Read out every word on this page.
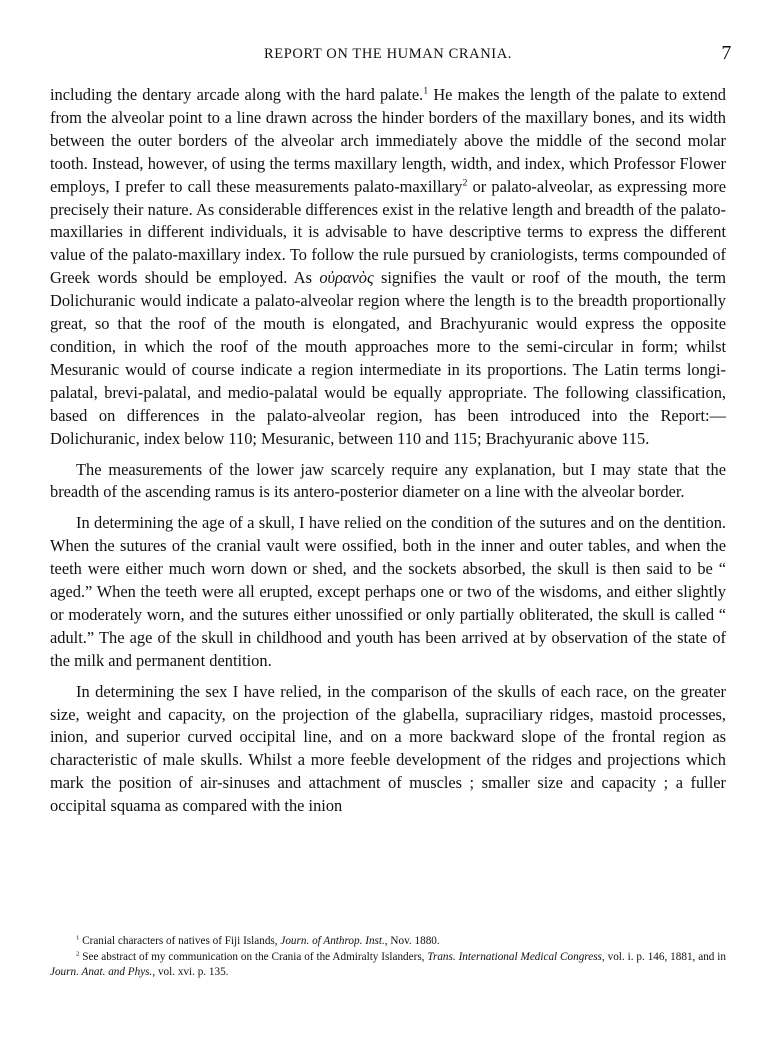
REPORT ON THE HUMAN CRANIA.	7

including the dentary arcade along with the hard palate.$^1$ He makes the length of the palate to extend from the alveolar point to a line drawn across the hinder borders of the maxillary bones, and its width between the outer borders of the alveolar arch immediately above the middle of the second molar tooth. Instead, however, of using the terms maxillary length, width, and index, which Professor Flower employs, I prefer to call these measurements palato-maxillary$^2$ or palato-alveolar, as expressing more precisely their nature. As considerable differences exist in the relative length and breadth of the palato-maxillaries in different individuals, it is advisable to have descriptive terms to express the different value of the palato-maxillary index. To follow the rule pursued by craniologists, terms compounded of Greek words should be employed. As οὐρανὸς signifies the vault or roof of the mouth, the term Dolichuranic would indicate a palato-alveolar region where the length is to the breadth proportionally great, so that the roof of the mouth is elongated, and Brachyuranic would express the opposite condition, in which the roof of the mouth approaches more to the semi-circular in form; whilst Mesuranic would of course indicate a region intermediate in its proportions. The Latin terms longi-palatal, brevi-palatal, and medio-palatal would be equally appropriate. The following classification, based on differences in the palato-alveolar region, has been introduced into the Report:—Dolichuranic, index below 110; Mesuranic, between 110 and 115; Brachyuranic above 115.

The measurements of the lower jaw scarcely require any explanation, but I may state that the breadth of the ascending ramus is its antero-posterior diameter on a line with the alveolar border.

In determining the age of a skull, I have relied on the condition of the sutures and on the dentition. When the sutures of the cranial vault were ossified, both in the inner and outer tables, and when the teeth were either much worn down or shed, and the sockets absorbed, the skull is then said to be “ aged.” When the teeth were all erupted, except perhaps one or two of the wisdoms, and either slightly or moderately worn, and the sutures either unossified or only partially obliterated, the skull is called “ adult.” The age of the skull in childhood and youth has been arrived at by observation of the state of the milk and permanent dentition.

In determining the sex I have relied, in the comparison of the skulls of each race, on the greater size, weight and capacity, on the projection of the glabella, supraciliary ridges, mastoid processes, inion, and superior curved occipital line, and on a more backward slope of the frontal region as characteristic of male skulls. Whilst a more feeble development of the ridges and projections which mark the position of air-sinuses and attachment of muscles ; smaller size and capacity ; a fuller occipital squama as compared with the inion

$^1$ Cranial characters of natives of Fiji Islands, Journ. of Anthrop. Inst., Nov. 1880.

$^2$ See abstract of my communication on the Crania of the Admiralty Islanders, Trans. International Medical Congress, vol. i. p. 146, 1881, and in Journ. Anat. and Phys., vol. xvi. p. 135.
